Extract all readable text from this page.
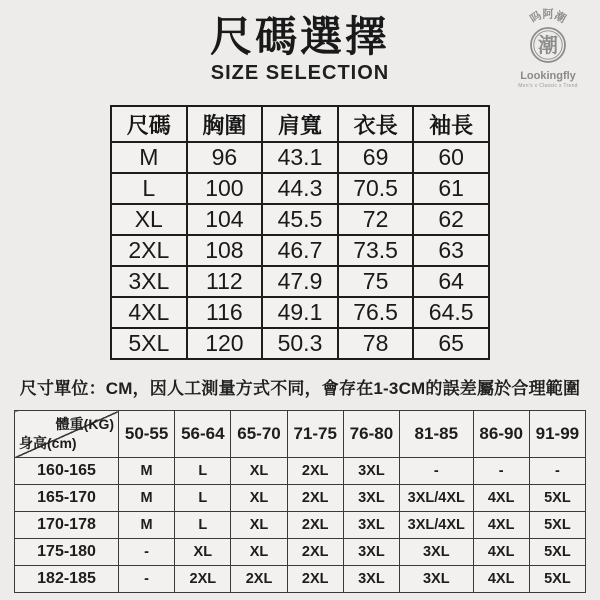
吗阿潮
潮
Lookingfly
Men's x Classic x Trend
尺碼選擇
SIZE SELECTION
尺碼	胸圍	肩寬	衣長	袖長
M	96	43.1	69	60
L	100	44.3	70.5	61
XL	104	45.5	72	62
2XL	108	46.7	73.5	63
3XL	112	47.9	75	64
4XL	116	49.1	76.5	64.5
5XL	120	50.3	78	65

尺寸單位：CM，因人工測量方式不同，會存在1-3CM的誤差屬於合理範圍

體重(KG)
身高(cm)	50-55	56-64	65-70	71-75	76-80	81-85	86-90	91-99
160-165	M	L	XL	2XL	3XL	-	-	-
165-170	M	L	XL	2XL	3XL	3XL/4XL	4XL	5XL
170-178	M	L	XL	2XL	3XL	3XL/4XL	4XL	5XL
175-180	-	XL	XL	2XL	3XL	3XL	4XL	5XL
182-185	-	2XL	2XL	2XL	3XL	3XL	4XL	5XL
